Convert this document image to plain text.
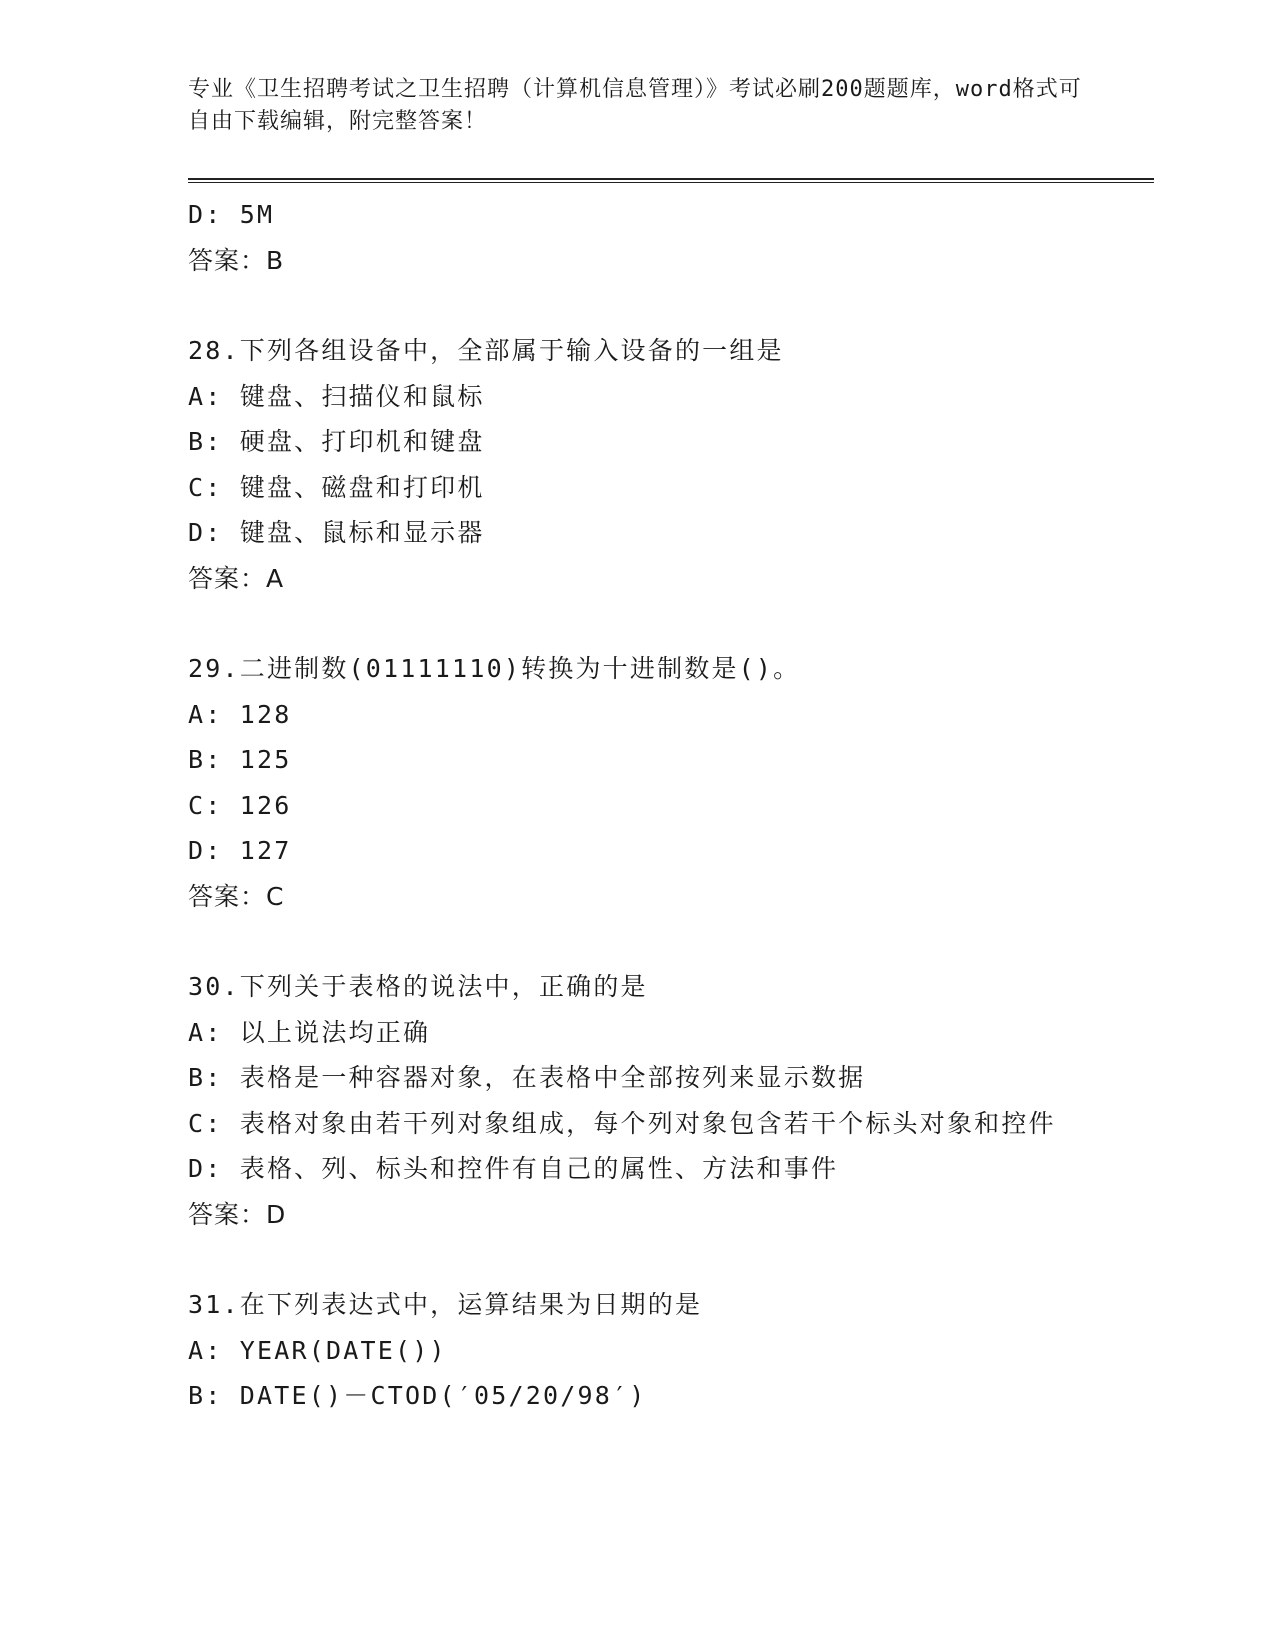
专业《卫生招聘考试之卫生招聘（计算机信息管理）》考试必刷200题题库，word格式可自由下载编辑，附完整答案！
D: 5M
答案：B
28.下列各组设备中，全部属于输入设备的一组是
A: 键盘、扫描仪和鼠标
B: 硬盘、打印机和键盘
C: 键盘、磁盘和打印机
D: 键盘、鼠标和显示器
答案：A
29.二进制数(01111110)转换为十进制数是()。
A: 128
B: 125
C: 126
D: 127
答案：C
30.下列关于表格的说法中，正确的是
A: 以上说法均正确
B: 表格是一种容器对象，在表格中全部按列来显示数据
C: 表格对象由若干列对象组成，每个列对象包含若干个标头对象和控件
D: 表格、列、标头和控件有自己的属性、方法和事件
答案：D
31.在下列表达式中，运算结果为日期的是
A: YEAR(DATE())
B: DATE()－CTOD(′05/20/98′)
